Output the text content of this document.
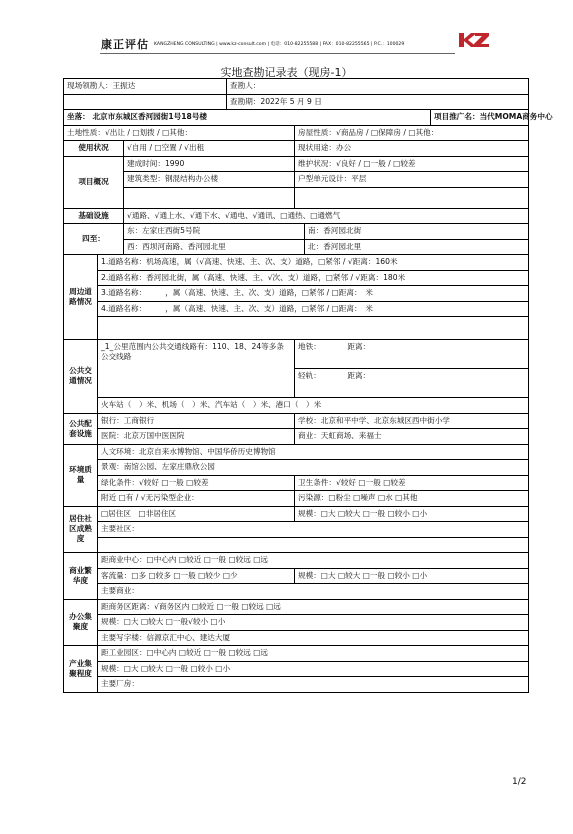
康正评估 KANGZHENG CONSULTING | www.kz-consult.com | 电话：010-82255588 | FAX：010-82255565 | P.C.：100029
实地查勘记录表（现房-1）
现场领勘人：王振达			查勘人：			
			查勘期：2022年 5 月 9 日			
坐落： 北京市东城区香河园街1号18号楼						项目推广名：当代MOMA商务中心
土地性质：√出让 / □划拨 / □其他：				房屋性质：√商品房 / □保障房 / □其他：		
使用状况		√自用 / □空置 / √出租		现状用途：办公		
项目概况		建成时间：1990		维护状况：√良好 / □一般 / □较差		
		建筑类型：钢混结构办公楼		户型单元设计：平层		

基础设施		√通路、√通上水、√通下水、√通电、√通讯、□通热、□通燃气				
四至：		东：左家庄西街5号院			南：香河园北街	
		西：西坝河南路、香河园北里			北：香河园北里	
周边道路情况	1.道路名称：机场高速，属（√高速、快速、主、次、支）道路，□紧邻 / √距离：160米					
	2.道路名称：香河园北街，属（高速、快速、主、√次、支）道路，□紧邻 / √距离：180米					
	3.道路名称：　　　，属（高速、快速、主、次、支）道路，□紧邻 / □距离：　米					
	4.道路名称：　　　，属（高速、快速、主、次、支）道路，□紧邻 / □距离：　米					

公共交通情况	_1_公里范围内公共交通线路有：110、18、24等多条公交线路			地铁：　　　　距离：		
				轻轨：　　　　距离：		
	火车站（　）米、机场（　）米、汽车站（　）米、港口（　）米					
公共配套设施	银行：工商银行			学校：北京和平中学、北京东城区西中街小学		
	医院：北京万国中医医院			商业：天虹商场、来福士		
环境质量	人文环境：北京自来水博物馆、中国华侨历史博物馆					
	景观：南馆公园、左家庄鼎欣公园					
	绿化条件：√较好 □一般 □较差			卫生条件：√较好 □一般 □较差		
	附近 □有 / √无污染型企业：			污染源：□粉尘 □噪声 □水 □其他		
居住社区成熟度	□居住区　□非居住区			规模：□大 □较大 □一般 □较小 □小		
	主要社区：					

商业繁华度	距商业中心：□中心内 □较近 □一般 □较远 □远					
	客流量：□多 □较多 □一般 □较少 □少			规模：□大 □较大 □一般 □较小 □小		
	主要商业：					
办公集聚度	距商务区距离：√商务区内 □较近 □一般 □较远 □远					
	规模：□大 □较大 □一般√较小 □小					
	主要写字楼：信源京汇中心、建达大厦					
产业集聚程度	距工业园区：□中心内 □较近 □一般 □较远 □远					
	规模：□大 □较大 □一般 □较小 □小					
	主要厂房：					
1/2
